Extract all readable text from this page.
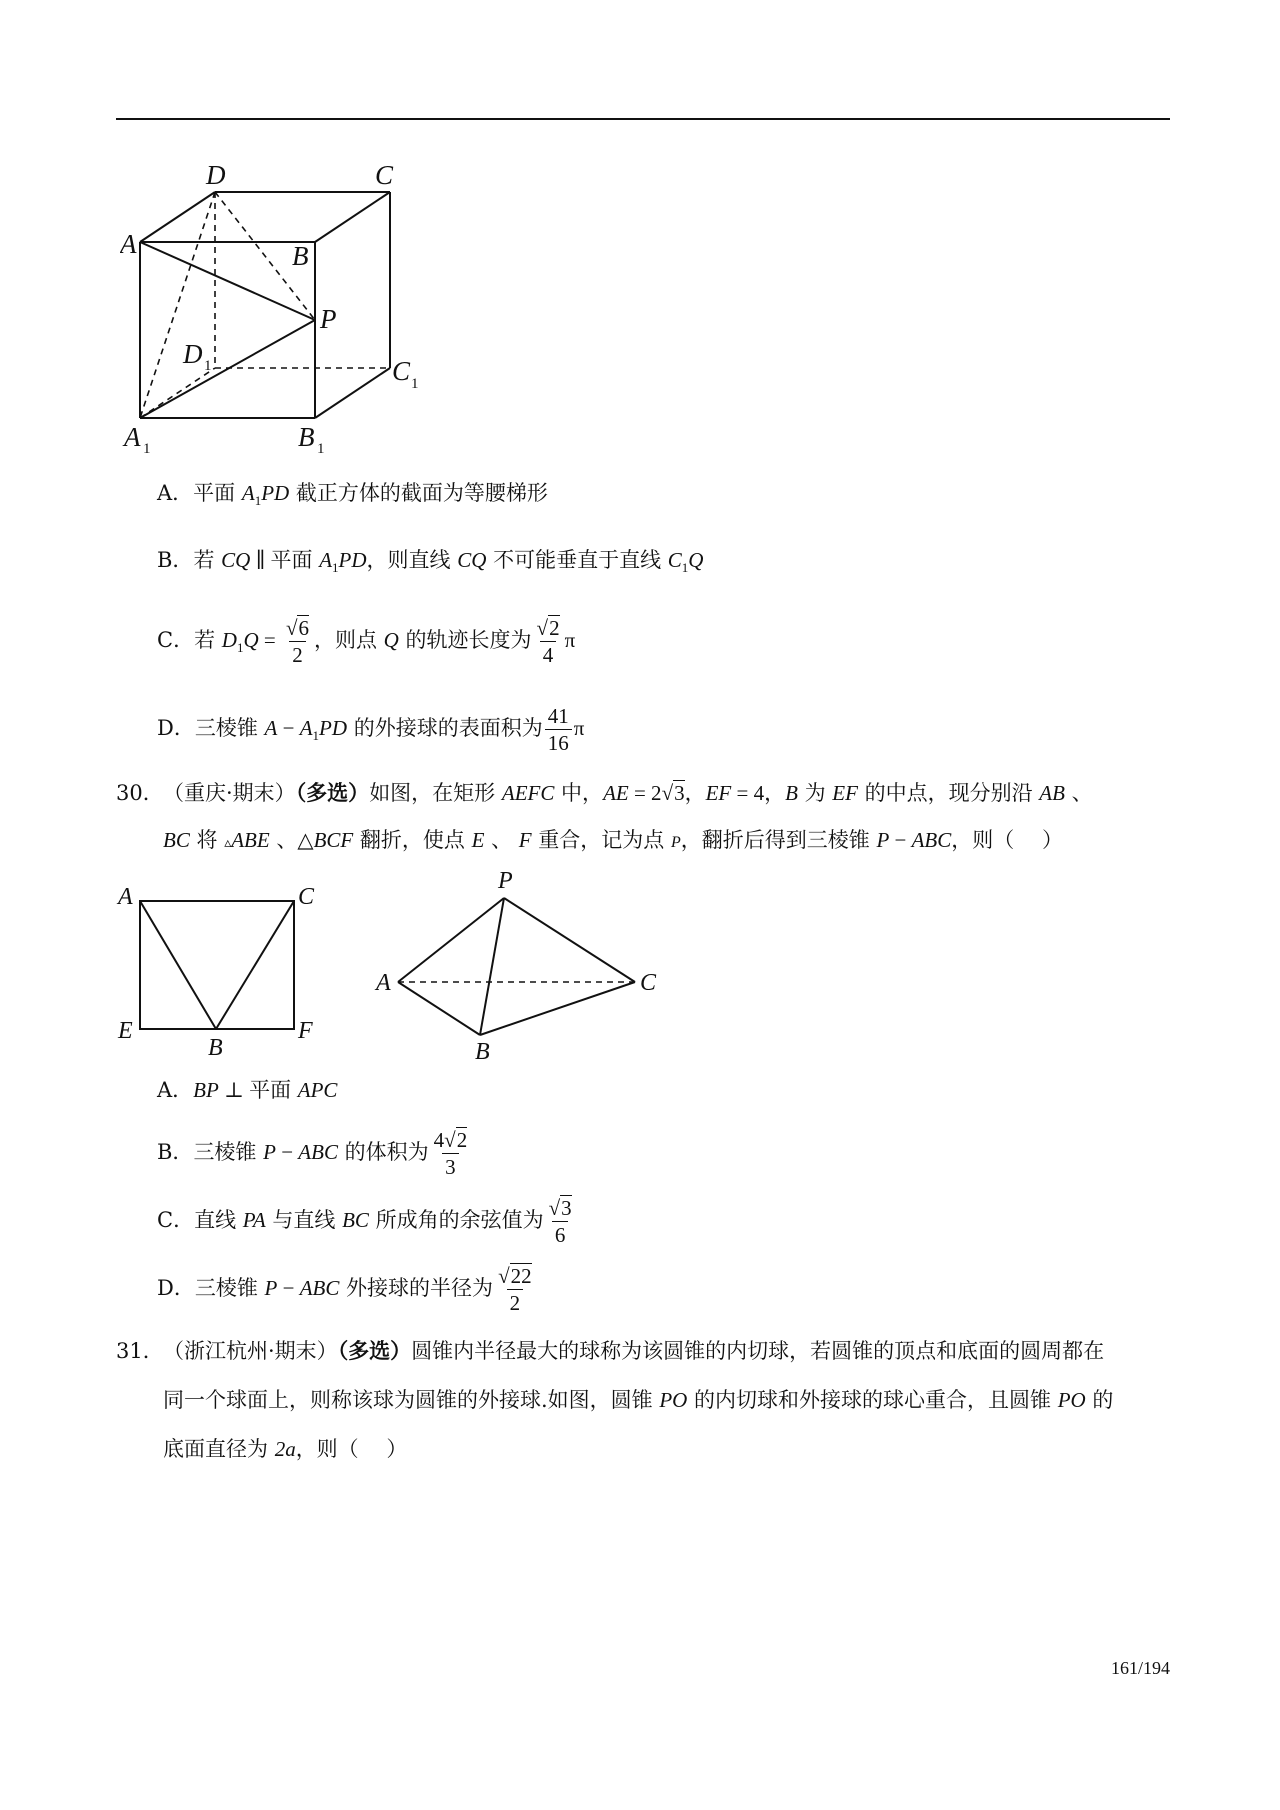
D	C
A	B
P
D 1	C 1
A 1	B 1
A．平面 $A_1PD$ 截正方体的截面为等腰梯形
B．若 CQ ∥ 平面 $A_1PD$，则直线 CQ 不可能垂直于直线 $C_1Q$
C．若 $D_1Q = \frac{√6}{2}$ ，则点 Q 的轨迹长度为 $\frac{√2}{4}$ π
D．三棱锥 $A - A_1PD$ 的外接球的表面积为 $\frac{41}{16}$ π
30． （重庆·期末）（多选）如图，在矩形 AEFC 中，AE = 2√3，EF = 4，B 为 EF 的中点，现分别沿 AB 、
BC 将 ▵ABE 、△BCF 翻折，使点 E 、 F 重合，记为点 P，翻折后得到三棱锥 P − ABC，则（　 ）
A	C
E
B
F
P
A	C
B
A．BP ⊥ 平面 APC
B．三棱锥 P − ABC 的体积为 $\frac{4√2}{3}$
C．直线 PA 与直线 BC 所成角的余弦值为 $\frac{√3}{6}$
D．三棱锥 P − ABC 外接球的半径为 $\frac{√22}{2}$
31． （浙江杭州·期末）（多选）圆锥内半径最大的球称为该圆锥的内切球，若圆锥的顶点和底面的圆周都在
同一个球面上，则称该球为圆锥的外接球.如图，圆锥 PO 的内切球和外接球的球心重合，且圆锥 PO 的
底面直径为 2a，则（　 ）
161/194
